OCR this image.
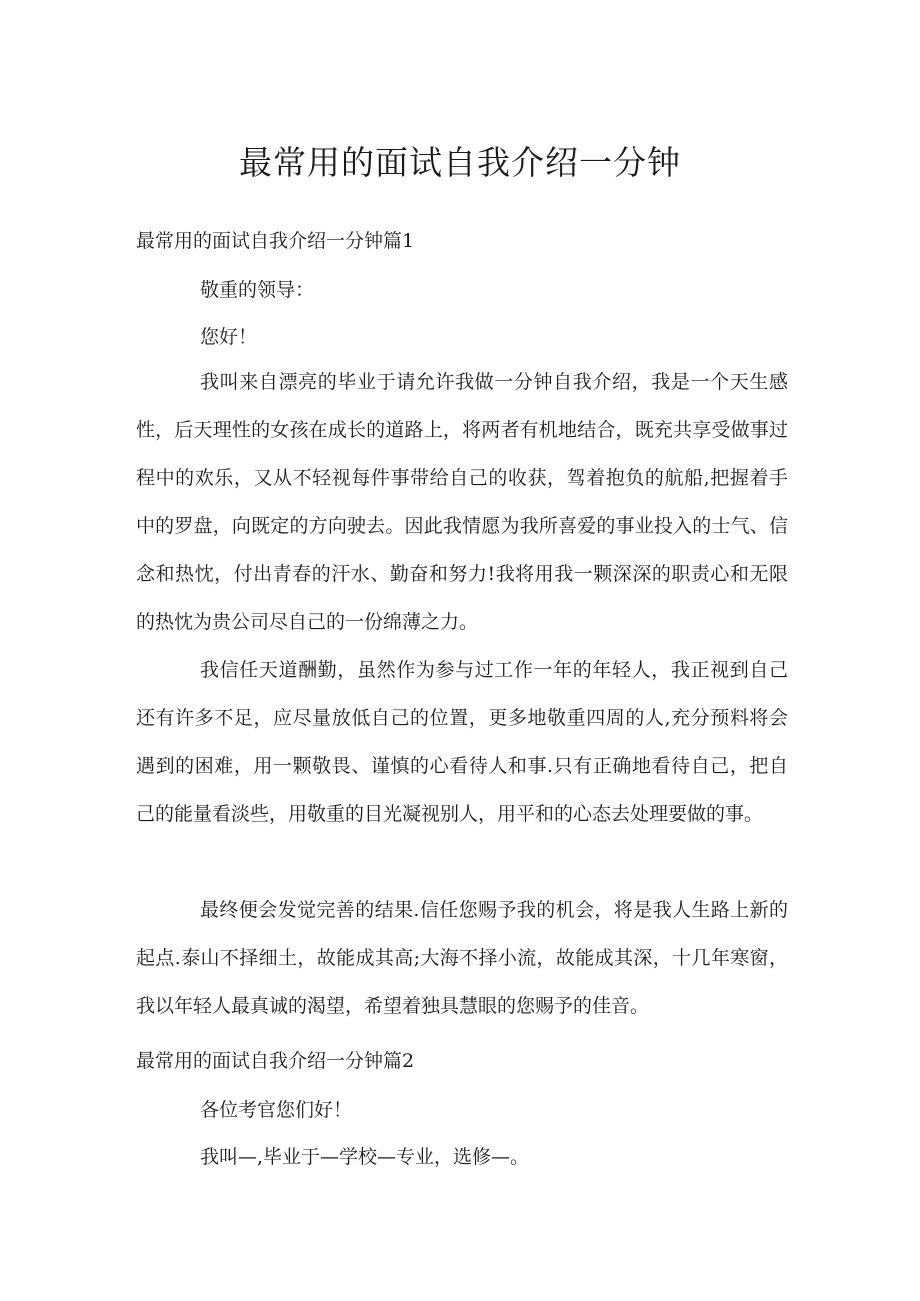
最常用的面试自我介绍一分钟
最常用的面试自我介绍一分钟篇1
敬重的领导：
您好！
我叫来自漂亮的毕业于请允许我做一分钟自我介绍，我是一个天生感性，后天理性的女孩在成长的道路上，将两者有机地结合，既充共享受做事过程中的欢乐，又从不轻视每件事带给自己的收获，驾着抱负的航船,把握着手中的罗盘，向既定的方向驶去。因此我情愿为我所喜爱的事业投入的士气、信念和热忱，付出青春的汗水、勤奋和努力!我将用我一颗深深的职责心和无限的热忱为贵公司尽自己的一份绵薄之力。
我信任天道酬勤，虽然作为参与过工作一年的年轻人，我正视到自己还有许多不足，应尽量放低自己的位置，更多地敬重四周的人,充分预料将会遇到的困难，用一颗敬畏、谨慎的心看待人和事.只有正确地看待自己，把自己的能量看淡些，用敬重的目光凝视别人，用平和的心态去处理要做的事。
最终便会发觉完善的结果.信任您赐予我的机会，将是我人生路上新的起点.泰山不择细土，故能成其高;大海不择小流，故能成其深，十几年寒窗，我以年轻人最真诚的渴望，希望着独具慧眼的您赐予的佳音。
最常用的面试自我介绍一分钟篇2
各位考官您们好！
我叫—,毕业于—学校—专业，选修—。
